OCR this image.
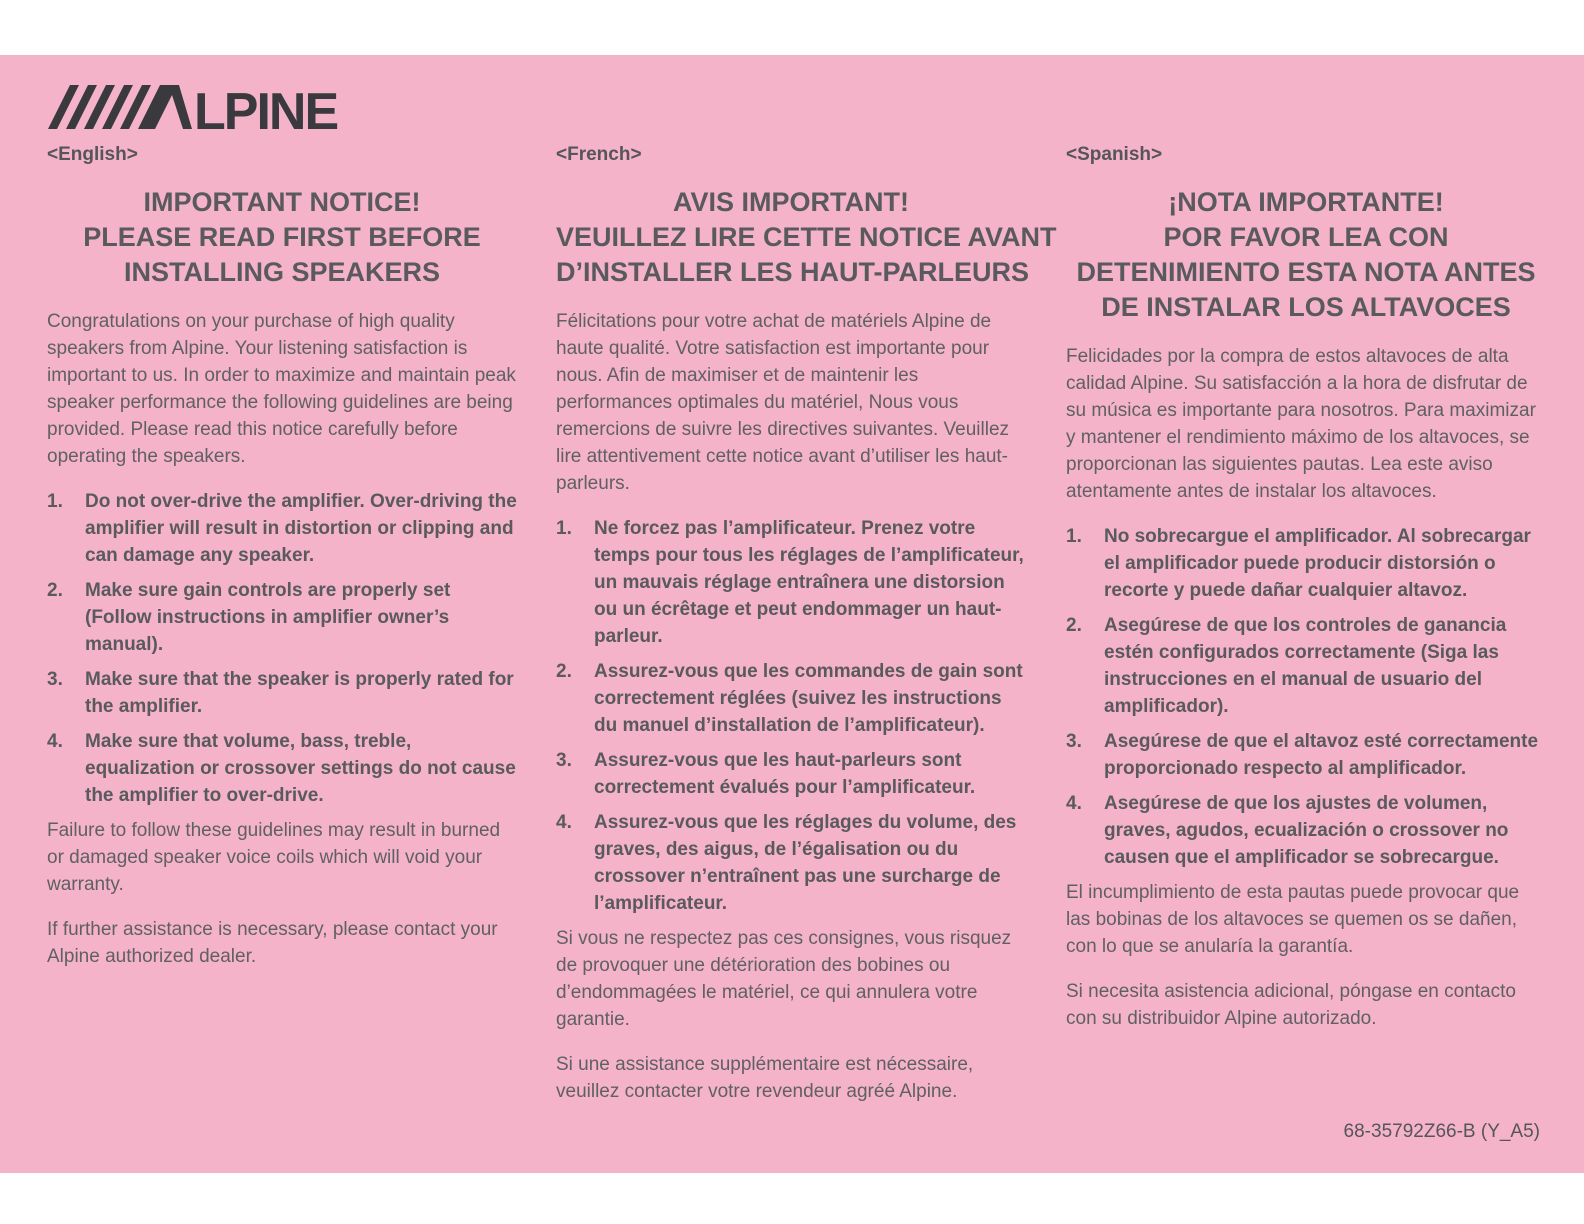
LPINE
<English>
IMPORTANT NOTICE!
PLEASE READ FIRST BEFORE
INSTALLING SPEAKERS
Congratulations on your purchase of high quality speakers from Alpine. Your listening satisfaction is important to us. In order to maximize and maintain peak speaker performance the following guidelines are being provided. Please read this notice carefully before operating the speakers.
1.	Do not over-drive the amplifier. Over-driving the amplifier will result in distortion or clipping and can damage any speaker.
2.	Make sure gain controls are properly set (Follow instructions in amplifier owner’s manual).
3.	Make sure that the speaker is properly rated for the amplifier.
4.	Make sure that volume, bass, treble, equalization or crossover settings do not cause the amplifier to over-drive.
Failure to follow these guidelines may result in burned or damaged speaker voice coils which will void your warranty.
If further assistance is necessary, please contact your Alpine authorized dealer.
<French>
AVIS IMPORTANT!
VEUILLEZ LIRE CETTE NOTICE AVANT
D’INSTALLER LES HAUT-PARLEURS
Félicitations pour votre achat de matériels Alpine de haute qualité. Votre satisfaction est importante pour nous. Afin de maximiser et de maintenir les performances optimales du matériel, Nous vous remercions de suivre les directives suivantes. Veuillez lire attentivement cette notice avant d’utiliser les haut-parleurs.
1.	Ne forcez pas l’amplificateur. Prenez votre temps pour tous les réglages de l’amplificateur, un mauvais réglage entraînera une distorsion ou un écrêtage et peut endommager un haut-parleur.
2.	Assurez-vous que les commandes de gain sont correctement réglées (suivez les instructions du manuel d’installation de l’amplificateur).
3.	Assurez-vous que les haut-parleurs sont correctement évalués pour l’amplificateur.
4.	Assurez-vous que les réglages du volume, des graves, des aigus, de l’égalisation ou du crossover n’entraînent pas une surcharge de l’amplificateur.
Si vous ne respectez pas ces consignes, vous risquez de provoquer une détérioration des bobines ou d’endommagées le matériel, ce qui annulera votre garantie.
Si une assistance supplémentaire est nécessaire, veuillez contacter votre revendeur agréé Alpine.
<Spanish>
¡NOTA IMPORTANTE!
POR FAVOR LEA CON
DETENIMIENTO ESTA NOTA ANTES
DE INSTALAR LOS ALTAVOCES
Felicidades por la compra de estos altavoces de alta calidad Alpine. Su satisfacción a la hora de disfrutar de su música es importante para nosotros. Para maximizar y mantener el rendimiento máximo de los altavoces, se proporcionan las siguientes pautas. Lea este aviso atentamente antes de instalar los altavoces.
1.	No sobrecargue el amplificador. Al sobrecargar el amplificador puede producir distorsión o recorte y puede dañar cualquier altavoz.
2.	Asegúrese de que los controles de ganancia estén configurados correctamente (Siga las instrucciones en el manual de usuario del amplificador).
3.	Asegúrese de que el altavoz esté correctamente proporcionado respecto al amplificador.
4.	Asegúrese de que los ajustes de volumen, graves, agudos, ecualización o crossover no causen que el amplificador se sobrecargue.
El incumplimiento de esta pautas puede provocar que las bobinas de los altavoces se quemen os se dañen, con lo que se anularía la garantía.
Si necesita asistencia adicional, póngase en contacto con su distribuidor Alpine autorizado.
68-35792Z66-B (Y_A5)
